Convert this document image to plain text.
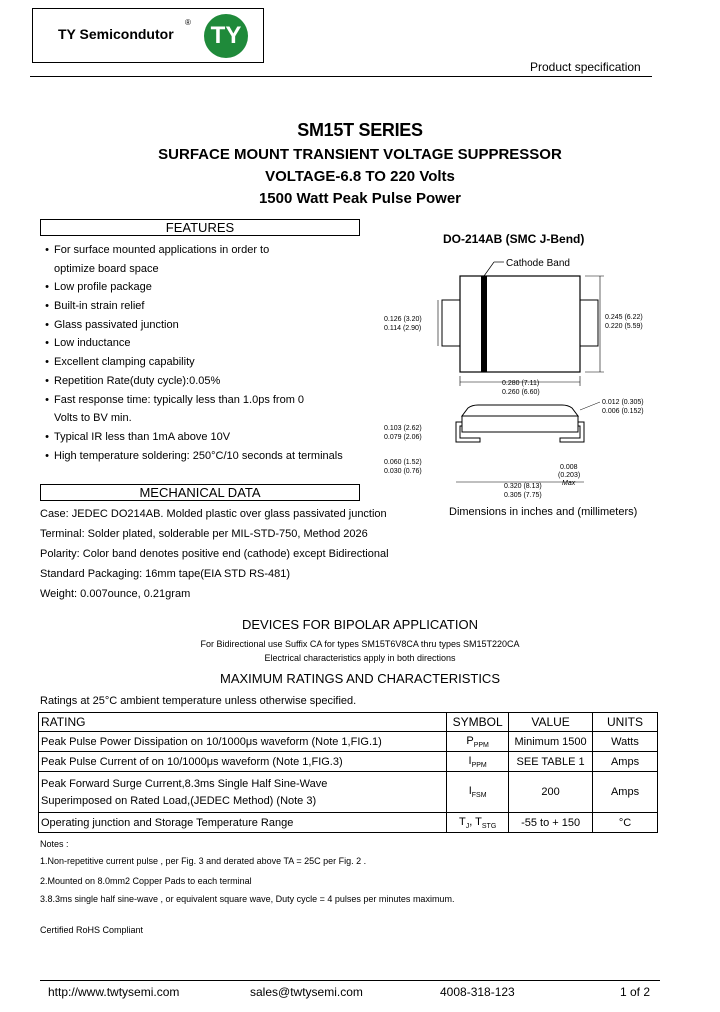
TY Semicondutor
® TY
Product specification
SM15T SERIES
SURFACE MOUNT TRANSIENT VOLTAGE SUPPRESSOR
VOLTAGE-6.8 TO 220 Volts
1500 Watt Peak Pulse Power
FEATURES
• For surface mounted applications in order to
optimize board space
• Low profile package
• Built-in strain relief
• Glass passivated junction
• Low inductance
• Excellent clamping capability
• Repetition Rate(duty cycle):0.05%
• Fast response time: typically less than 1.0ps from 0
Volts to BV min.
• Typical IR less than 1mA above 10V
• High temperature soldering: 250°C/10 seconds at terminals
MECHANICAL DATA
Case: JEDEC DO214AB. Molded plastic over glass passivated junction
Terminal: Solder plated, solderable per MIL-STD-750, Method 2026
Polarity: Color band denotes positive end (cathode) except Bidirectional
Standard Packaging: 16mm tape(EIA STD RS-481)
Weight: 0.007ounce, 0.21gram
DO-214AB (SMC J-Bend)
Cathode Band
0.126 (3.20)
0.114 (2.90)
0.245 (6.22)
0.220 (5.59)
0.280 (7.11)
0.260 (6.60)
0.012 (0.305)
0.006 (0.152)
0.103 (2.62)
0.079 (2.06)
0.060 (1.52)
0.030 (0.76)
0.008
(0.203)
Max
0.320 (8.13)
0.305 (7.75)
Dimensions in inches and (millimeters)
DEVICES FOR BIPOLAR APPLICATION
For Bidirectional use Suffix CA for types SM15T6V8CA thru types SM15T220CA
Electrical characteristics apply in both directions
MAXIMUM RATINGS AND CHARACTERISTICS
Ratings at 25°C ambient temperature unless otherwise specified.
RATING	SYMBOL	VALUE	UNITS

Peak Pulse Power Dissipation on 10/1000μs waveform (Note 1,FIG.1)	$P_{PPM}$	Minimum 1500	Watts

Peak Pulse Current of on 10/1000μs waveform (Note 1,FIG.3)	$I_{PPM}$	SEE TABLE 1	Amps

Peak Forward Surge Current,8.3ms Single Half Sine-Wave
Superimposed on Rated Load,(JEDEC Method) (Note 3)	$I_{FSM}$	200	Amps

Operating junction and Storage Temperature Range	$T_J$, $T_{STG}$	-55 to + 150	°C
Notes :
1.Non-repetitive current pulse , per Fig. 3 and derated above TA = 25C per Fig. 2 .
2.Mounted on 8.0mm2 Copper Pads to each terminal
3.8.3ms single half sine-wave , or equivalent square wave, Duty cycle = 4 pulses per minutes maximum.
Certified RoHS Compliant
http://www.twtysemi.com	sales@twtysemi.com	4008-318-123	1 of 2
